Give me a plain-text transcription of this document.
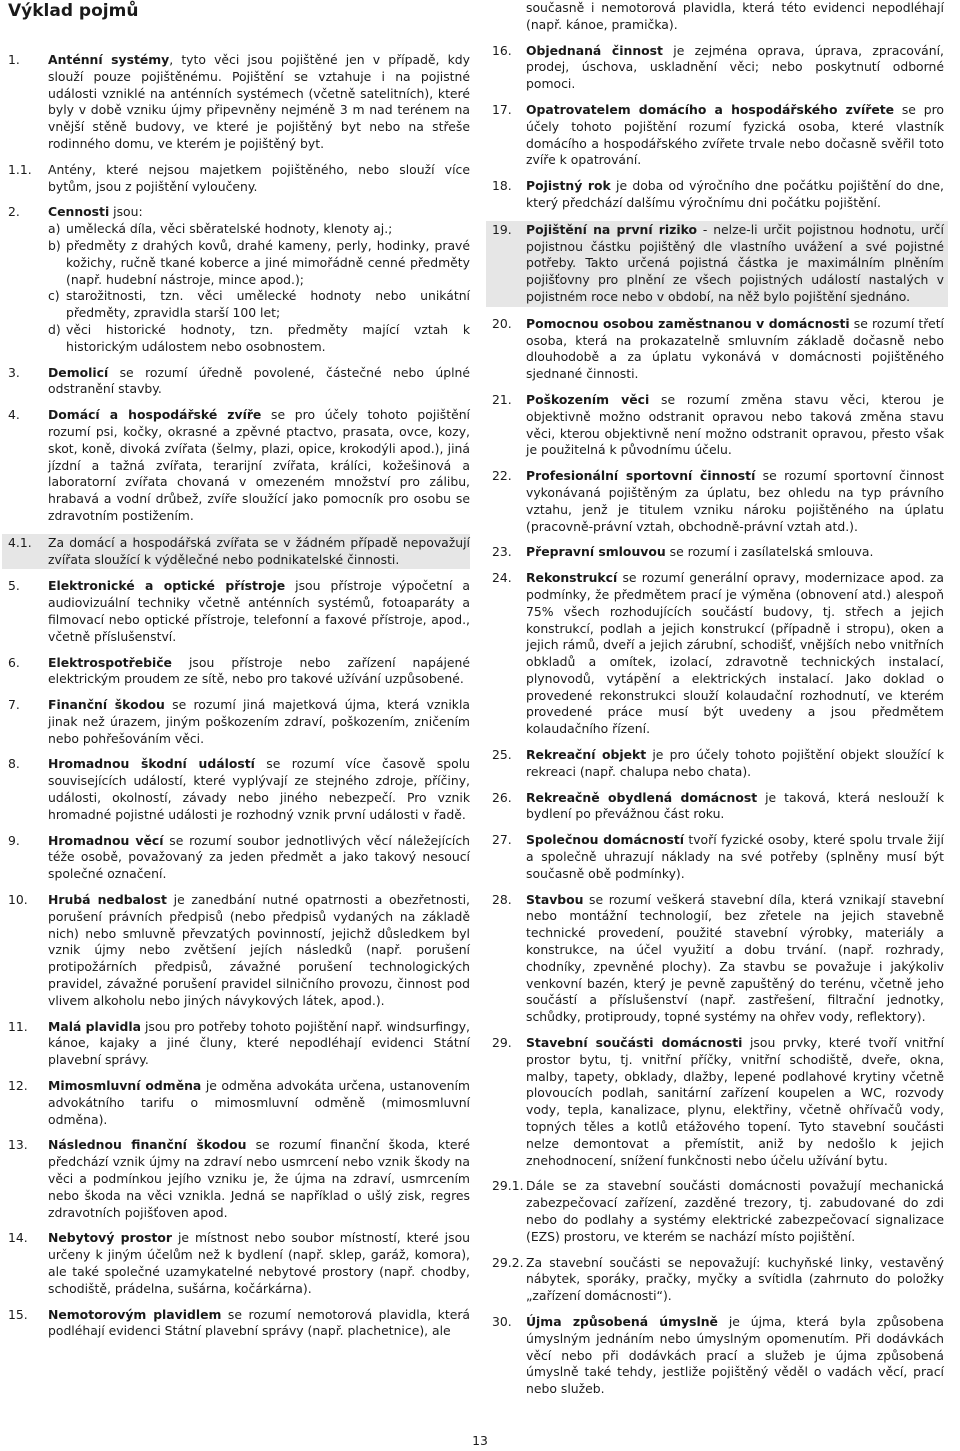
Výklad pojmů
1.	Anténní systémy, tyto věci jsou pojištěné jen v případě, kdy slouží pouze pojištěnému. Pojištění se vztahuje i na pojistné události vzniklé na anténních systémech (včetně satelitních), které byly v době vzniku újmy připevněny nejméně 3 m nad terénem na vnější stěně budovy, ve které je pojištěný byt nebo na střeše rodinného domu, ve kterém je pojištěný byt.
1.1.	Antény, které nejsou majetkem pojištěného, nebo slouží více bytům, jsou z pojištění vyloučeny.
2.	Cennosti jsou:
a) umělecká díla, věci sběratelské hodnoty, klenoty aj.;
b) předměty z drahých kovů, drahé kameny, perly, hodinky, pravé kožichy, ručně tkané koberce a jiné mimořádně cenné předměty (např. hudební nástroje, mince apod.);
c) starožitnosti, tzn. věci umělecké hodnoty nebo unikátní předměty, zpravidla starší 100 let;
d) věci historické hodnoty, tzn. předměty mající vztah k historickým událostem nebo osobnostem.
3.	Demolicí se rozumí úředně povolené, částečné nebo úplné odstranění stavby.
4.	Domácí a hospodářské zvíře se pro účely tohoto pojištění rozumí psi, kočky, okrasné a zpěvné ptactvo, prasata, ovce, kozy, skot, koně, divoká zvířata (šelmy, plazi, opice, krokodýli apod.), jiná jízdní a tažná zvířata, terarijní zvířata, králíci, kožešinová a laboratorní zvířata chovaná v omezeném množství pro zálibu, hrabavá a vodní drůbež, zvíře sloužící jako pomocník pro osobu se zdravotním postižením.
4.1.	Za domácí a hospodářská zvířata se v žádném případě nepovažují zvířata sloužící k výdělečné nebo podnikatelské činnosti.
5.	Elektronické a optické přístroje jsou přístroje výpočetní a audiovizuální techniky včetně anténních systémů, fotoaparáty a filmovací nebo optické přístroje, telefonní a faxové přístroje, apod., včetně příslušenství.
6.	Elektrospotřebiče jsou přístroje nebo zařízení napájené elektrickým proudem ze sítě, nebo pro takové užívání uzpůsobené.
7.	Finanční škodou se rozumí jiná majetková újma, která vznikla jinak než úrazem, jiným poškozením zdraví, poškozením, zničením nebo pohřešováním věci.
8.	Hromadnou škodní událostí se rozumí více časově spolu souvisejících událostí, které vyplývají ze stejného zdroje, příčiny, události, okolností, závady nebo jiného nebezpečí. Pro vznik hromadné pojistné události je rozhodný vznik první události v řadě.
9.	Hromadnou věcí se rozumí soubor jednotlivých věcí náležejících téže osobě, považovaný za jeden předmět a jako takový nesoucí společné označení.
10.	Hrubá nedbalost je zanedbání nutné opatrnosti a obezřetnosti, porušení právních předpisů (nebo předpisů vydaných na základě nich) nebo smluvně převzatých povinností, jejichž důsledkem byl vznik újmy nebo zvětšení jejích následků (např. porušení protipožárních předpisů, závažné porušení technologických pravidel, závažné porušení pravidel silničního provozu, činnost pod vlivem alkoholu nebo jiných návykových látek, apod.).
11.	Malá plavidla jsou pro potřeby tohoto pojištění např. windsurfingy, kánoe, kajaky a jiné čluny, které nepodléhají evidenci Státní plavební správy.
12.	Mimosmluvní odměna je odměna advokáta určena, ustanovením advokátního tarifu o mimosmluvní odměně (mimosmluvní odměna).
13.	Následnou finanční škodou se rozumí finanční škoda, které předchází vznik újmy na zdraví nebo usmrcení nebo vznik škody na věci a podmínkou jejího vzniku je, že újma na zdraví, usmrcením nebo škoda na věci vznikla. Jedná se například o ušlý zisk, regres zdravotních pojišťoven apod.
14.	Nebytový prostor je místnost nebo soubor místností, které jsou určeny k jiným účelům než k bydlení (např. sklep, garáž, komora), ale také společné uzamykatelné nebytové prostory (např. chodby, schodiště, prádelna, sušárna, kočárkárna).
15.	Nemotorovým plavidlem se rozumí nemotorová plavidla, která podléhají evidenci Státní plavební správy (např. plachetnice), ale
současně i nemotorová plavidla, která této evidenci nepodléhají (např. kánoe, pramička).
16.	Objednaná činnost je zejména oprava, úprava, zpracování, prodej, úschova, uskladnění věci; nebo poskytnutí odborné pomoci.
17.	Opatrovatelem domácího a hospodářského zvířete se pro účely tohoto pojištění rozumí fyzická osoba, které vlastník domácího a hospodářského zvířete trvale nebo dočasně svěřil toto zvíře k opatrování.
18.	Pojistný rok je doba od výročního dne počátku pojištění do dne, který předchází dalšímu výročnímu dni počátku pojištění.
19.	Pojištění na první riziko - nelze-li určit pojistnou hodnotu, určí pojistnou částku pojištěný dle vlastního uvážení a své pojistné potřeby. Takto určená pojistná částka je maximálním plněním pojišťovny pro plnění ze všech pojistných událostí nastalých v pojistném roce nebo v období, na něž bylo pojištění sjednáno.
20.	Pomocnou osobou zaměstnanou v domácnosti se rozumí třetí osoba, která na prokazatelně smluvním základě dočasně nebo dlouhodobě a za úplatu vykonává v domácnosti pojištěného sjednané činnosti.
21.	Poškozením věci se rozumí změna stavu věci, kterou je objektivně možno odstranit opravou nebo taková změna stavu věci, kterou objektivně není možno odstranit opravou, přesto však je použitelná k původnímu účelu.
22.	Profesionální sportovní činností se rozumí sportovní činnost vykonávaná pojištěným za úplatu, bez ohledu na typ právního vztahu, jenž je titulem vzniku nároku pojištěného na úplatu (pracovně-právní vztah, obchodně-právní vztah atd.).
23.	Přepravní smlouvou se rozumí i zasílatelská smlouva.
24.	Rekonstrukcí se rozumí generální opravy, modernizace apod. za podmínky, že předmětem prací je výměna (obnovení atd.) alespoň 75% všech rozhodujících součástí budovy, tj. střech a jejich konstrukcí, podlah a jejich konstrukcí (případně i stropu), oken a jejich rámů, dveří a jejich zárubní, schodišť, vnějších nebo vnitřních obkladů a omítek, izolací, zdravotně technických instalací, plynovodů, vytápění a elektrických instalací. Jako doklad o provedené rekonstrukci slouží kolaudační rozhodnutí, ve kterém provedené práce musí být uvedeny a jsou předmětem kolaudačního řízení.
25.	Rekreační objekt je pro účely tohoto pojištění objekt sloužící k rekreaci (např. chalupa nebo chata).
26.	Rekreačně obydlená domácnost je taková, která neslouží k bydlení po převážnou část roku.
27.	Společnou domácností tvoří fyzické osoby, které spolu trvale žijí a společně uhrazují náklady na své potřeby (splněny musí být současně obě podmínky).
28.	Stavbou se rozumí veškerá stavební díla, která vznikají stavební nebo montážní technologií, bez zřetele na jejich stavebně technické provedení, použité stavební výrobky, materiály a konstrukce, na účel využití a dobu trvání. (např. rozhrady, chodníky, zpevněné plochy). Za stavbu se považuje i jakýkoliv venkovní bazén, který je pevně zapuštěný do terénu, včetně jeho součástí a příslušenství (např. zastřešení, filtrační jednotky, schůdky, protiproudy, topné systémy na ohřev vody, reflektory).
29.	Stavební součásti domácnosti jsou prvky, které tvoří vnitřní prostor bytu, tj. vnitřní příčky, vnitřní schodiště, dveře, okna, malby, tapety, obklady, dlažby, lepené podlahové krytiny včetně plovoucích podlah, sanitární zařízení koupelen a WC, rozvody vody, tepla, kanalizace, plynu, elektřiny, včetně ohřívačů vody, topných těles a kotlů etážového topení. Tyto stavební součásti nelze demontovat a přemístit, aniž by nedošlo k jejich znehodnocení, snížení funkčnosti nebo účelu užívání bytu.
29.1. Dále se za stavební součásti domácnosti považují mechanická zabezpečovací zařízení, zazděné trezory, tj. zabudované do zdi nebo do podlahy a systémy elektrické zabezpečovací signalizace (EZS) prostoru, ve kterém se nachází místo pojištění.
29.2. Za stavební součásti se nepovažují: kuchyňské linky, vestavěný nábytek, sporáky, pračky, myčky a svítidla (zahrnuto do položky „zařízení domácnosti“).
30.	Újma způsobená úmyslně je újma, která byla způsobena úmyslným jednáním nebo úmyslným opomenutím. Při dodávkách věcí nebo při dodávkách prací a služeb je újma způsobená úmyslně také tehdy, jestliže pojištěný věděl o vadách věcí, prací nebo služeb.
13
